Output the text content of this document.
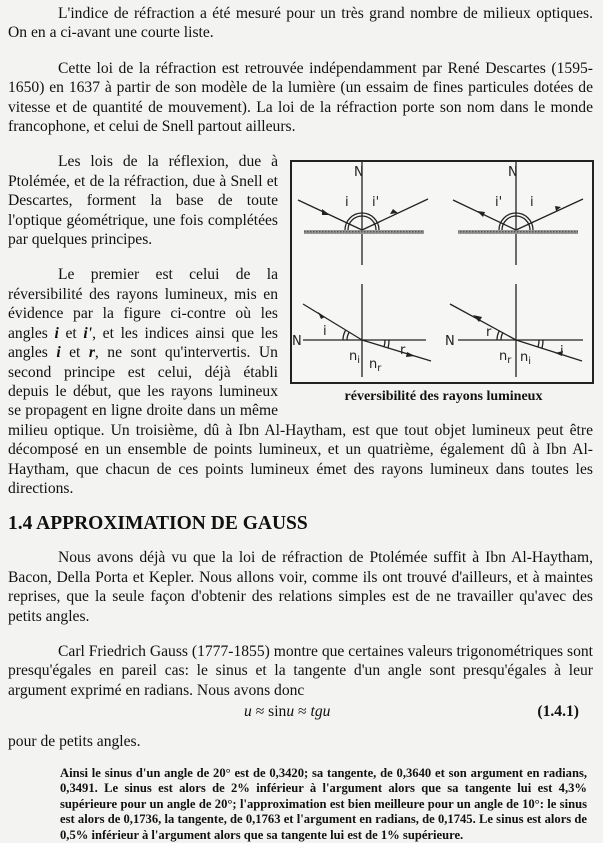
L'indice de réfraction a été mesuré pour un très grand nombre de milieux optiques. On en a ci-avant une courte liste.

Cette loi de la réfraction est retrouvée indépendamment par René Descartes (1595-1650) en 1637 à partir de son modèle de la lumière (un essaim de fines particules dotées de vitesse et de quantité de mouvement). La loi de la réfraction porte son nom dans le monde francophone, et celui de Snell partout ailleurs.

N
i i'
N
i' i
N
i
$n_i$ $n_r$
r
N
r
$n_r$ $n_i$
i
réversibilité des rayons lumineux

Les lois de la réflexion, due à Ptolémée, et de la réfraction, due à Snell et Descartes, forment la base de toute l'optique géométrique, une fois complétées par quelques principes.

Le premier est celui de la réversibilité des rayons lumineux, mis en évidence par la figure ci-contre où les angles i et i', et les indices ainsi que les angles i et r, ne sont qu'intervertis. Un second principe est celui, déjà établi depuis le début, que les rayons lumineux se propagent en ligne droite dans un même milieu optique. Un troisième, dû à Ibn Al-Haytham, est que tout objet lumineux peut être décomposé en un ensemble de points lumineux, et un quatrième, également dû à Ibn Al-Haytham, que chacun de ces points lumineux émet des rayons lumineux dans toutes les directions.

1.4 APPROXIMATION DE GAUSS

Nous avons déjà vu que la loi de réfraction de Ptolémée suffit à Ibn Al-Haytham, Bacon, Della Porta et Kepler. Nous allons voir, comme ils ont trouvé d'ailleurs, et à maintes reprises, que la seule façon d'obtenir des relations simples est de ne travailler qu'avec des petits angles.

Carl Friedrich Gauss (1777-1855) montre que certaines valeurs trigonométriques sont presqu'égales en pareil cas: le sinus et la tangente d'un angle sont presqu'égales à leur argument exprimé en radians. Nous avons donc

u ≈ sinu ≈ tgu	(1.4.1)

pour de petits angles.

Ainsi le sinus d'un angle de 20° est de 0,3420; sa tangente, de 0,3640 et son argument en radians, 0,3491. Le sinus est alors de 2% inférieur à l'argument alors que sa tangente lui est 4,3% supérieure pour un angle de 20°; l'approximation est bien meilleure pour un angle de 10°: le sinus est alors de 0,1736, la tangente, de 0,1763 et l'argument en radians, de 0,1745. Le sinus est alors de 0,5% inférieur à l'argument alors que sa tangente lui est de 1% supérieure.
